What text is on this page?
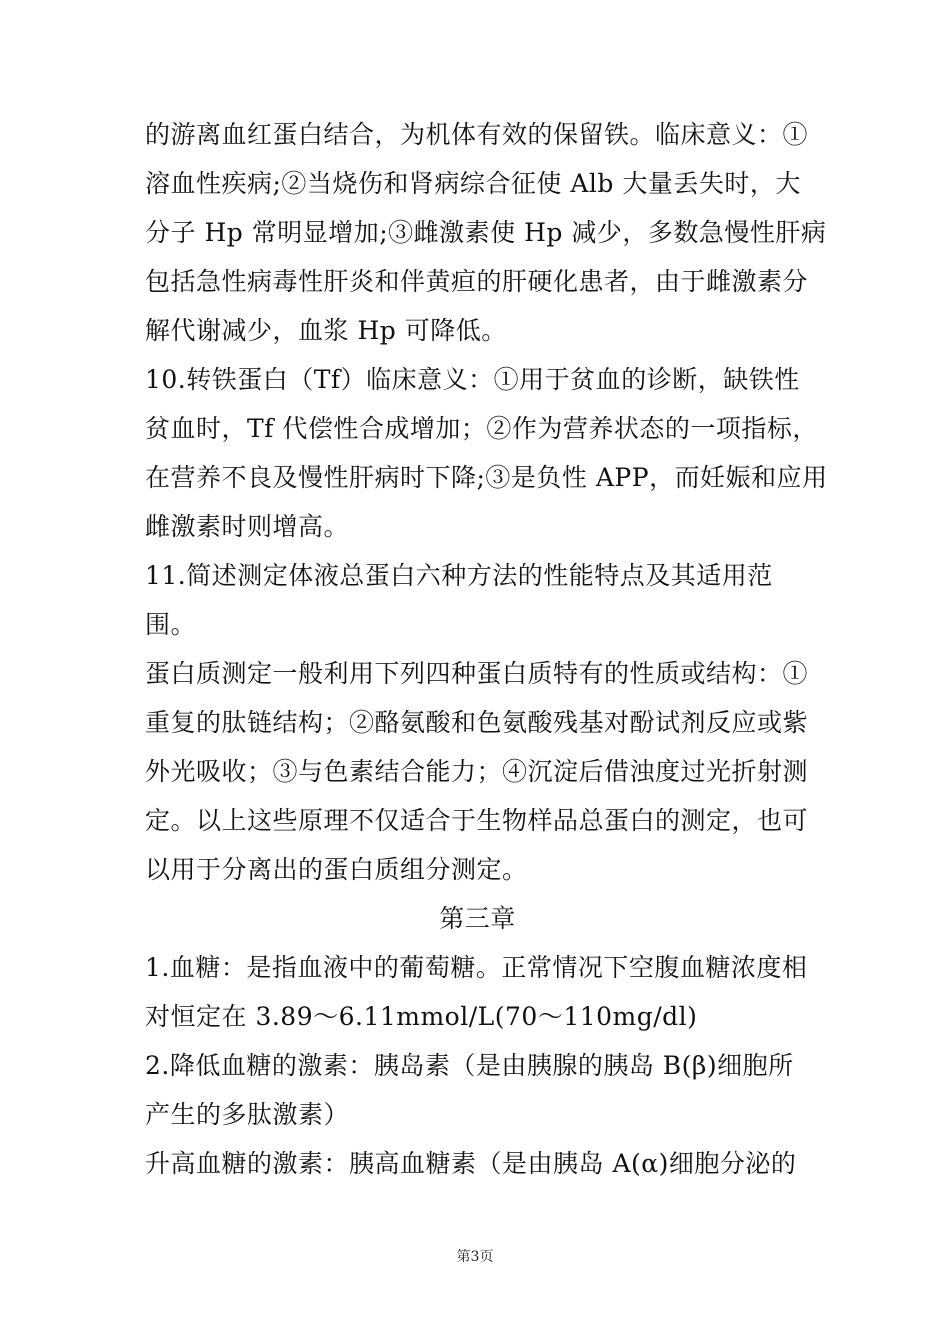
的游离血红蛋白结合，为机体有效的保留铁。临床意义：①
溶血性疾病;②当烧伤和肾病综合征使 Alb 大量丢失时，大
分子 Hp 常明显增加;③雌激素使 Hp 减少，多数急慢性肝病
包括急性病毒性肝炎和伴黄疸的肝硬化患者，由于雌激素分
解代谢减少，血浆 Hp 可降低。
10.转铁蛋白（Tf）临床意义：①用于贫血的诊断，缺铁性
贫血时，Tf 代偿性合成增加；②作为营养状态的一项指标，
在营养不良及慢性肝病时下降;③是负性 APP，而妊娠和应用
雌激素时则增高。
11.简述测定体液总蛋白六种方法的性能特点及其适用范
围。
蛋白质测定一般利用下列四种蛋白质特有的性质或结构：①
重复的肽链结构；②酪氨酸和色氨酸残基对酚试剂反应或紫
外光吸收；③与色素结合能力；④沉淀后借浊度过光折射测
定。以上这些原理不仅适合于生物样品总蛋白的测定，也可
以用于分离出的蛋白质组分测定。
第三章
1.血糖：是指血液中的葡萄糖。正常情况下空腹血糖浓度相
对恒定在 3.89～6.11mmol/L(70～110mg/dl)
2.降低血糖的激素：胰岛素（是由胰腺的胰岛 B(β)细胞所
产生的多肽激素）
升高血糖的激素：胰高血糖素（是由胰岛 A(α)细胞分泌的
第3页
